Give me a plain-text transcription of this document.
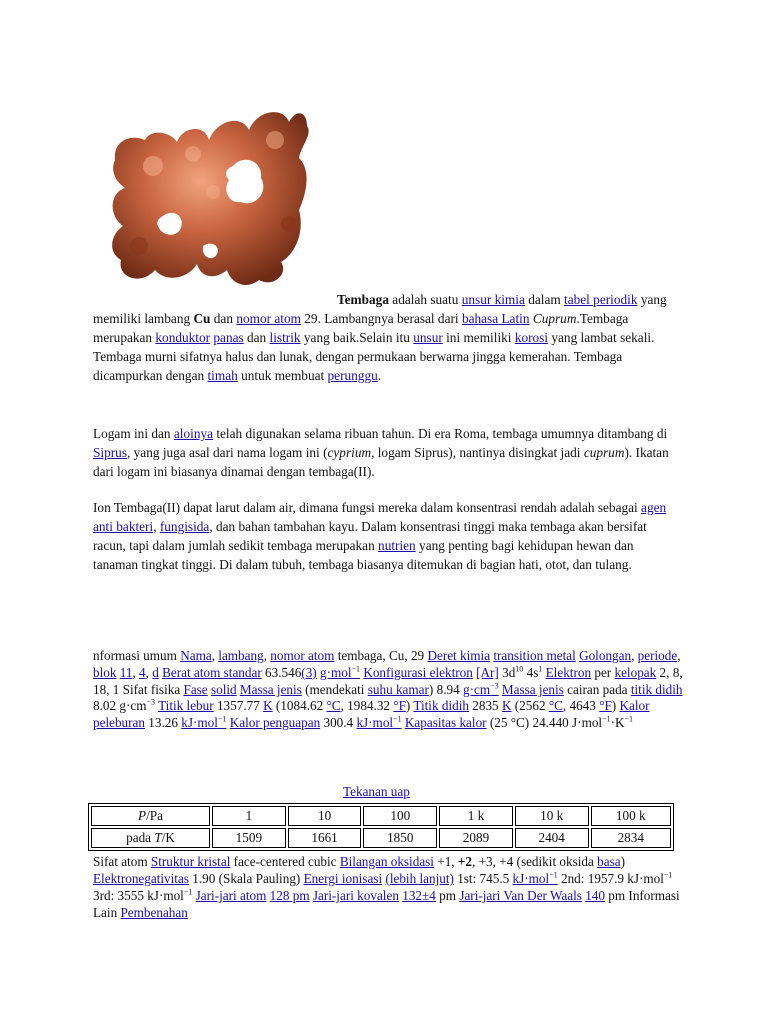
Tembaga adalah suatu unsur kimia dalam tabel periodik yang memiliki lambang Cu dan nomor atom 29. Lambangnya berasal dari bahasa Latin Cuprum.Tembaga merupakan konduktor panas dan listrik yang baik.Selain itu unsur ini memiliki korosi yang lambat sekali. Tembaga murni sifatnya halus dan lunak, dengan permukaan berwarna jingga kemerahan. Tembaga dicampurkan dengan timah untuk membuat perunggu.

Logam ini dan aloinya telah digunakan selama ribuan tahun. Di era Roma, tembaga umumnya ditambang di Siprus, yang juga asal dari nama logam ini (cyprium, logam Siprus), nantinya disingkat jadi cuprum). Ikatan dari logam ini biasanya dinamai dengan tembaga(II).

Ion Tembaga(II) dapat larut dalam air, dimana fungsi mereka dalam konsentrasi rendah adalah sebagai agen anti bakteri, fungisida, dan bahan tambahan kayu. Dalam konsentrasi tinggi maka tembaga akan bersifat racun, tapi dalam jumlah sedikit tembaga merupakan nutrien yang penting bagi kehidupan hewan dan tanaman tingkat tinggi. Di dalam tubuh, tembaga biasanya ditemukan di bagian hati, otot, dan tulang.

nformasi umum Nama, lambang, nomor atom tembaga, Cu, 29 Deret kimia transition metal Golongan, periode, blok 11, 4, d Berat atom standar 63.546(3) g·mol$^{-1}$ Konfigurasi elektron [Ar] $3d^{10}$ $4s^1$ Elektron per kelopak 2, 8, 18, 1 Sifat fisika Fase solid Massa jenis (mendekati suhu kamar) 8.94 $g\cdot cm^{-3}$ Massa jenis cairan pada titik didih 8.02 $g\cdot cm^{-3}$ Titik lebur 1357.77 K (1084.62 °C, 1984.32 °F) Titik didih 2835 K (2562 °C, 4643 °F) Kalor peleburan 13.26 kJ·mol$^{-1}$ Kalor penguapan 300.4 kJ·mol$^{-1}$ Kapasitas kalor (25 °C) 24.440 $J\cdot mol^{-1}\cdot K^{-1}$
Tekanan uap
P/Pa	1	10	100	1 k	10 k	100 k
pada T/K	1509	1661	1850	2089	2404	2834
Sifat atom Struktur kristal face-centered cubic Bilangan oksidasi +1, +2, +3, +4 (sedikit oksida basa) Elektronegativitas 1.90 (Skala Pauling) Energi ionisasi (lebih lanjut) 1st: 745.5 kJ·mol$^{-1}$ 2nd: 1957.9 kJ·mol$^{-1}$ 3rd: 3555 kJ·mol$^{-1}$ Jari-jari atom 128 pm Jari-jari kovalen 132±4 pm Jari-jari Van Der Waals 140 pm Informasi Lain Pembenahan
